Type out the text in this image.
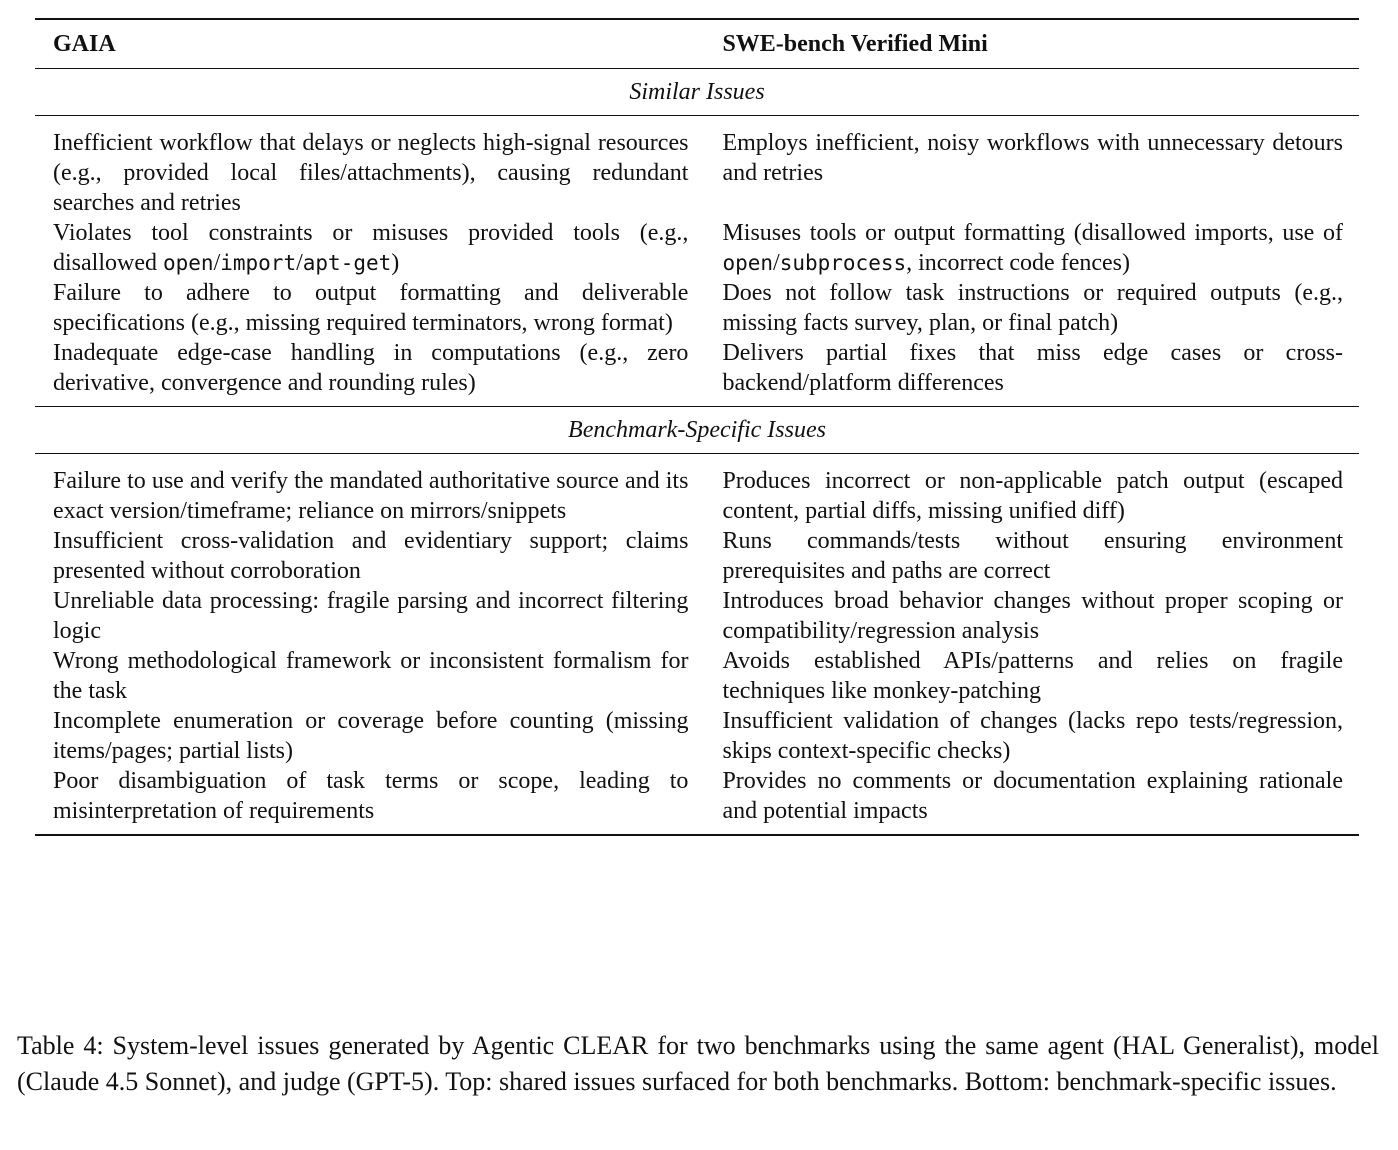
GAIA	SWE-bench Verified Mini
Similar Issues	
Inefficient workflow that delays or neglects high-signal resources (e.g., provided local files/attachments), causing redundant searches and retries	Employs inefficient, noisy workflows with unnecessary detours and retries
Violates tool constraints or misuses provided tools (e.g., disallowed open/import/apt-get)	Misuses tools or output formatting (disallowed imports, use of open/subprocess, incorrect code fences)
Failure to adhere to output formatting and deliverable specifications (e.g., missing required terminators, wrong format)	Does not follow task instructions or required outputs (e.g., missing facts survey, plan, or final patch)
Inadequate edge-case handling in computations (e.g., zero derivative, convergence and rounding rules)	Delivers partial fixes that miss edge cases or cross-backend/platform differences
Benchmark-Specific Issues	
Failure to use and verify the mandated authoritative source and its exact version/timeframe; reliance on mirrors/snippets	Produces incorrect or non-applicable patch output (escaped content, partial diffs, missing unified diff)
Insufficient cross-validation and evidentiary support; claims presented without corroboration	Runs commands/tests without ensuring environment prerequisites and paths are correct
Unreliable data processing: fragile parsing and incorrect filtering logic	Introduces broad behavior changes without proper scoping or compatibility/regression analysis
Wrong methodological framework or inconsistent formalism for the task	Avoids established APIs/patterns and relies on fragile techniques like monkey-patching
Incomplete enumeration or coverage before counting (missing items/pages; partial lists)	Insufficient validation of changes (lacks repo tests/regression, skips context-specific checks)
Poor disambiguation of task terms or scope, leading to misinterpretation of requirements	Provides no comments or documentation explaining rationale and potential impacts
Table 4: System-level issues generated by Agentic CLEAR for two benchmarks using the same agent (HAL Generalist), model (Claude 4.5 Sonnet), and judge (GPT-5). Top: shared issues surfaced for both benchmarks. Bottom: benchmark-specific issues.
